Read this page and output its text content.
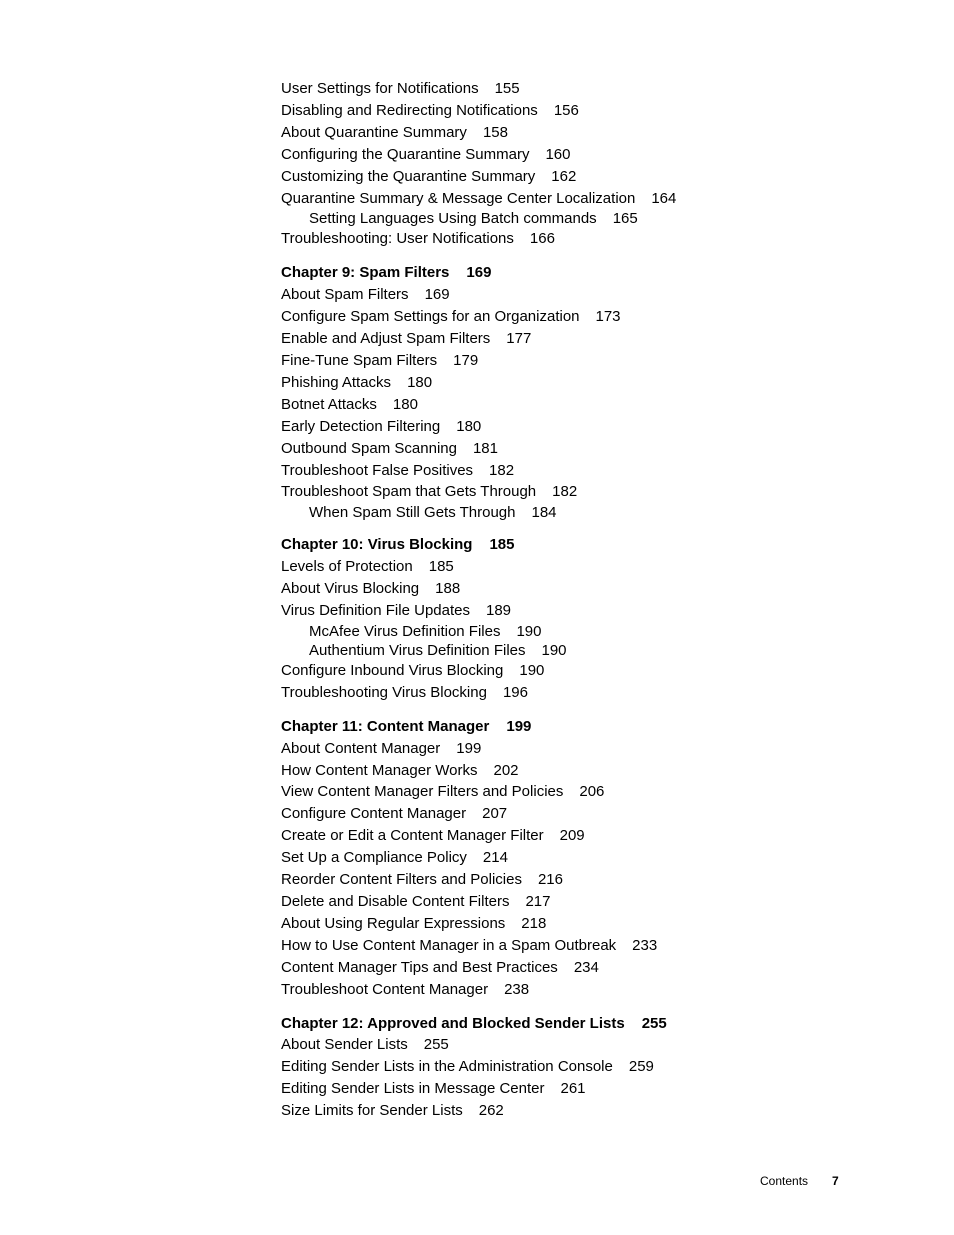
User Settings for Notifications 155
Disabling and Redirecting Notifications 156
About Quarantine Summary 158
Configuring the Quarantine Summary 160
Customizing the Quarantine Summary 162
Quarantine Summary & Message Center Localization 164
Setting Languages Using Batch commands 165
Troubleshooting: User Notifications 166
Chapter 9: Spam Filters 169
About Spam Filters 169
Configure Spam Settings for an Organization 173
Enable and Adjust Spam Filters 177
Fine-Tune Spam Filters 179
Phishing Attacks 180
Botnet Attacks 180
Early Detection Filtering 180
Outbound Spam Scanning 181
Troubleshoot False Positives 182
Troubleshoot Spam that Gets Through 182
When Spam Still Gets Through 184
Chapter 10: Virus Blocking 185
Levels of Protection 185
About Virus Blocking 188
Virus Definition File Updates 189
McAfee Virus Definition Files 190
Authentium Virus Definition Files 190
Configure Inbound Virus Blocking 190
Troubleshooting Virus Blocking 196
Chapter 11: Content Manager 199
About Content Manager 199
How Content Manager Works 202
View Content Manager Filters and Policies 206
Configure Content Manager 207
Create or Edit a Content Manager Filter 209
Set Up a Compliance Policy 214
Reorder Content Filters and Policies 216
Delete and Disable Content Filters 217
About Using Regular Expressions 218
How to Use Content Manager in a Spam Outbreak 233
Content Manager Tips and Best Practices 234
Troubleshoot Content Manager 238
Chapter 12: Approved and Blocked Sender Lists 255
About Sender Lists 255
Editing Sender Lists in the Administration Console 259
Editing Sender Lists in Message Center 261
Size Limits for Sender Lists 262
Contents 7
